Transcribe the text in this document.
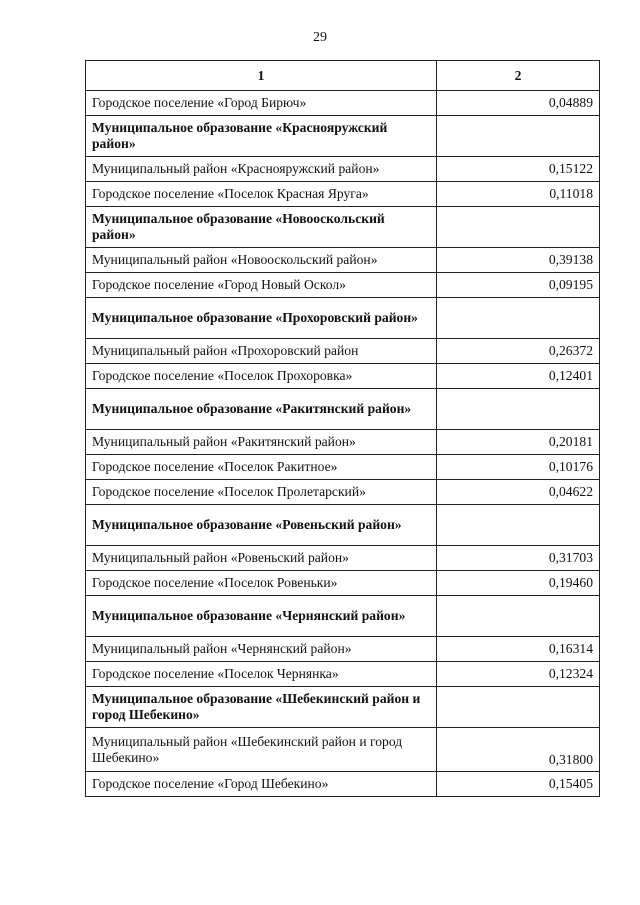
29
1	2
Городское поселение «Город Бирюч»	0,04889
Муниципальное образование «Краснояружский район»	
Муниципальный район «Краснояружский район»	0,15122
Городское поселение «Поселок Красная Яруга»	0,11018
Муниципальное образование «Новооскольский район»	
Муниципальный район «Новооскольский район»	0,39138
Городское поселение «Город Новый Оскол»	0,09195
Муниципальное образование «Прохоровский район»	
Муниципальный район «Прохоровский район	0,26372
Городское поселение «Поселок Прохоровка»	0,12401
Муниципальное образование «Ракитянский район»	
Муниципальный район «Ракитянский район»	0,20181
Городское поселение «Поселок Ракитное»	0,10176
Городское поселение «Поселок Пролетарский»	0,04622
Муниципальное образование «Ровеньский район»	
Муниципальный район «Ровеньский район»	0,31703
Городское поселение «Поселок Ровеньки»	0,19460
Муниципальное образование «Чернянский район»	
Муниципальный район «Чернянский район»	0,16314
Городское поселение «Поселок Чернянка»	0,12324
Муниципальное образование «Шебекинский район и город Шебекино»	
Муниципальный район «Шебекинский район и город Шебекино»	0,31800
Городское поселение «Город Шебекино»	0,15405
